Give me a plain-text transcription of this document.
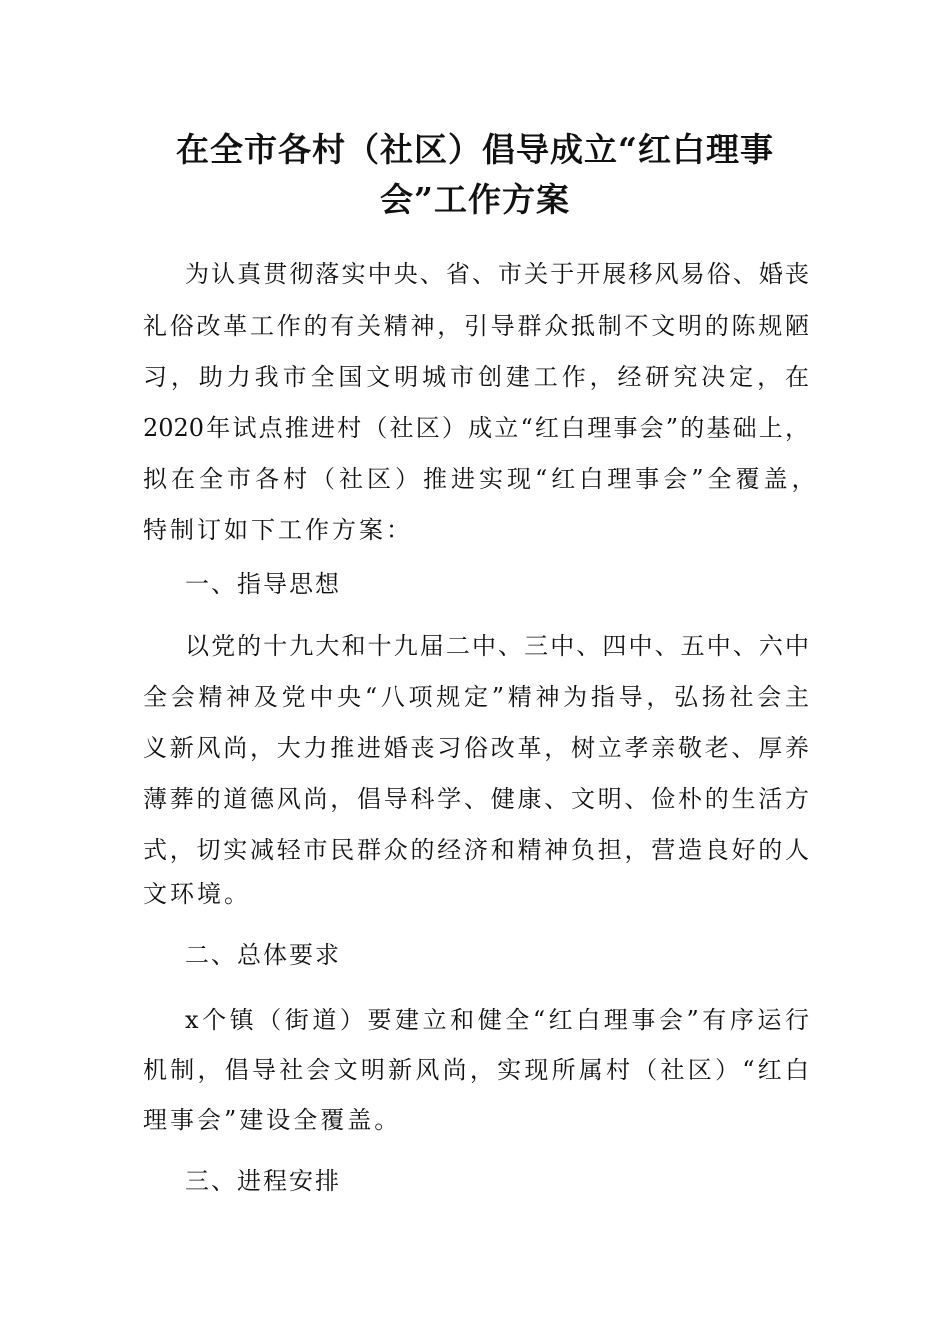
在全市各村（社区）倡导成立“红白理事
会”工作方案
为认真贯彻落实中央、省、市关于开展移风易俗、婚丧
礼俗改革工作的有关精神，引导群众抵制不文明的陈规陋
习，助力我市全国文明城市创建工作，经研究决定，在
2020年试点推进村（社区）成立“红白理事会”的基础上，
拟在全市各村（社区）推进实现“红白理事会”全覆盖，
特制订如下工作方案：
一、指导思想
以党的十九大和十九届二中、三中、四中、五中、六中
全会精神及党中央“八项规定”精神为指导，弘扬社会主
义新风尚，大力推进婚丧习俗改革，树立孝亲敬老、厚养
薄葬的道德风尚，倡导科学、健康、文明、俭朴的生活方
式，切实减轻市民群众的经济和精神负担，营造良好的人
文环境。
二、总体要求
x个镇（街道）要建立和健全“红白理事会”有序运行
机制，倡导社会文明新风尚，实现所属村（社区）“红白
理事会”建设全覆盖。
三、进程安排
